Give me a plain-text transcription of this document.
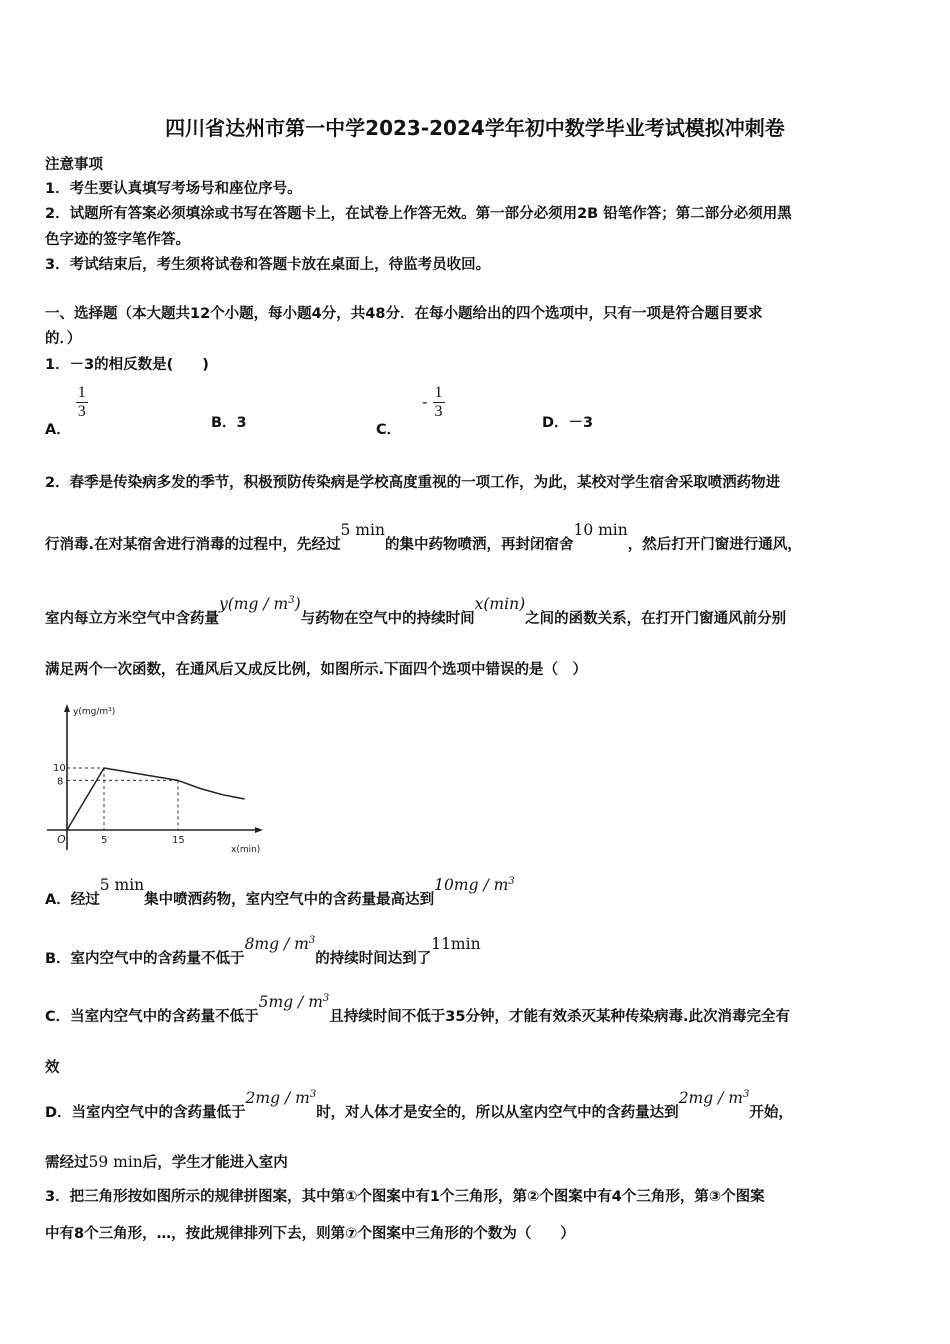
四川省达州市第一中学2023-2024学年初中数学毕业考试模拟冲刺卷
注意事项
1．考生要认真填写考场号和座位序号。
2．试题所有答案必须填涂或书写在答题卡上，在试卷上作答无效。第一部分必须用2B 铅笔作答；第二部分必须用黑
色字迹的签字笔作答。
3．考试结束后，考生须将试卷和答题卡放在桌面上，待监考员收回。
一、选择题（本大题共12个小题，每小题4分，共48分．在每小题给出的四个选项中，只有一项是符合题目要求
的．）
1．－3的相反数是(　　)
A．
$\frac{1}{3}$
B．3	C． - $\frac{1}{3}$
D．－3
2．春季是传染病多发的季节，积极预防传染病是学校高度重视的一项工作，为此，某校对学生宿舍采取喷洒药物进
行消毒.在对某宿舍进行消毒的过程中，先经过5 min的集中药物喷洒，再封闭宿舍10 min，然后打开门窗进行通风，
室内每立方米空气中含药量$y(mg / m^3)$与药物在空气中的持续时间x(min)之间的函数关系，在打开门窗通风前分别
满足两个一次函数，在通风后又成反比例，如图所示.下面四个选项中错误的是（　）
y(mg/m³)
x(min)
O	5	15
10
8
A．经过5 min集中喷洒药物，室内空气中的含药量最高达到$10mg / m^3$
B．室内空气中的含药量不低于$8mg / m^3$的持续时间达到了11min
C．当室内空气中的含药量不低于$5mg / m^3$且持续时间不低于35分钟，才能有效杀灭某种传染病毒.此次消毒完全有
效
D．当室内空气中的含药量低于$2mg / m^3$时，对人体才是安全的，所以从室内空气中的含药量达到$2mg / m^3$开始，
需经过59 min后，学生才能进入室内
3．把三角形按如图所示的规律拼图案，其中第①个图案中有1个三角形，第②个图案中有4个三角形，第③个图案
中有8个三角形，…，按此规律排列下去，则第⑦个图案中三角形的个数为（　　）
